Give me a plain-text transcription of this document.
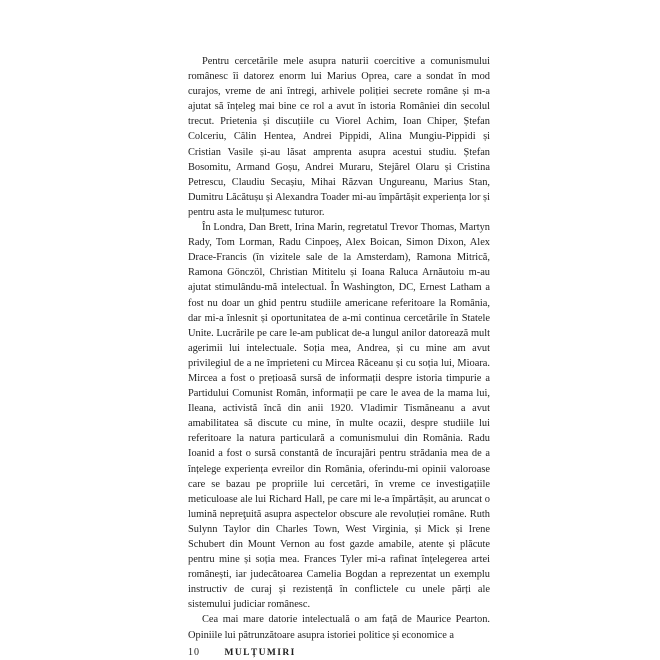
Pentru cercetările mele asupra naturii coercitive a comunismului românesc îi datorez enorm lui Marius Oprea, care a sondat în mod curajos, vreme de ani întregi, arhivele poliției secrete române și m-a ajutat să înțeleg mai bine ce rol a avut în istoria României din secolul trecut. Prietenia și discuțiile cu Viorel Achim, Ioan Chiper, Ștefan Colceriu, Călin Hentea, Andrei Pippidi, Alina Mungiu-Pippidi și Cristian Vasile și-au lăsat amprenta asupra acestui studiu. Ștefan Bosomitu, Armand Goșu, Andrei Muraru, Stejărel Olaru și Cristina Petrescu, Claudiu Secașiu, Mihai Răzvan Ungureanu, Marius Stan, Dumitru Lăcătușu și Alexandra Toader mi-au împărtășit experiența lor și pentru asta le mulțumesc tuturor.

În Londra, Dan Brett, Irina Marin, regretatul Trevor Thomas, Martyn Rady, Tom Lorman, Radu Cinpoeș, Alex Boican, Simon Dixon, Alex Drace-Francis (în vizitele sale de la Amsterdam), Ramona Mitrică, Ramona Gönczöl, Christian Mititelu și Ioana Raluca Arnăutoiu m-au ajutat stimulându-mă intelectual. În Washington, DC, Ernest Latham a fost nu doar un ghid pentru studiile americane referitoare la România, dar mi-a înlesnit și oportunitatea de a-mi continua cercetările în Statele Unite. Lucrările pe care le-am publicat de-a lungul anilor datorează mult agerimii lui intelectuale. Soția mea, Andrea, și cu mine am avut privilegiul de a ne împrieteni cu Mircea Răceanu și cu soția lui, Mioara. Mircea a fost o prețioasă sursă de informații despre istoria timpurie a Partidului Comunist Român, informații pe care le avea de la mama lui, Ileana, activistă încă din anii 1920. Vladimir Tismăneanu a avut amabilitatea să discute cu mine, în multe ocazii, despre studiile lui referitoare la natura particulară a comunismului din România. Radu Ioanid a fost o sursă constantă de încurajări pentru strădania mea de a înțelege experiența evreilor din România, oferindu-mi opinii valoroase care se bazau pe propriile lui cercetări, în vreme ce investigațiile meticuloase ale lui Richard Hall, pe care mi le-a împărtășit, au aruncat o lumină nepreţuită asupra aspectelor obscure ale revoluției române. Ruth Sulynn Taylor din Charles Town, West Virginia, și Mick și Irene Schubert din Mount Vernon au fost gazde amabile, atente și plăcute pentru mine și soția mea. Frances Tyler mi-a rafinat înțelegerea artei românești, iar judecătoarea Camelia Bogdan a reprezentat un exemplu instructiv de curaj și rezistență în conflictele cu unele părți ale sistemului judiciar românesc.

Cea mai mare datorie intelectuală o am față de Maurice Pearton. Opiniile lui pătrunzătoare asupra istoriei politice și economice a

10	MULȚUMIRI
